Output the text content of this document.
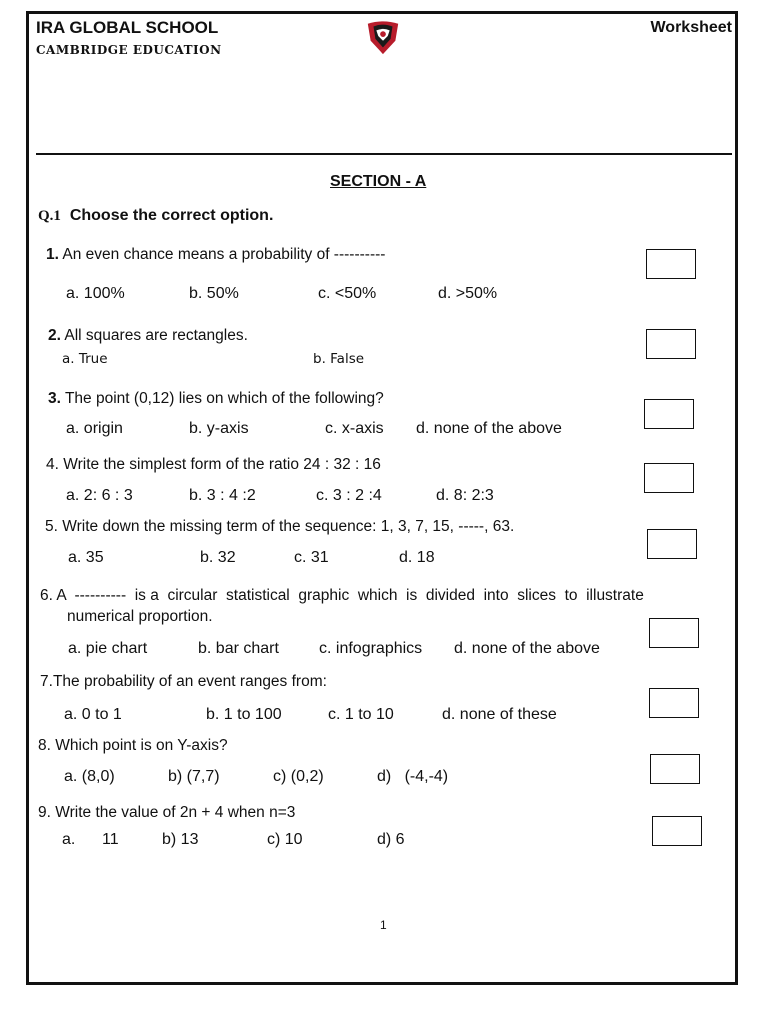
IRA GLOBAL SCHOOL
CAMBRIDGE EDUCATION
Worksheet
SECTION - A
Q.1 Choose the correct option.
1. An even chance means a probability of ----------
a. 100%	b. 50%	c. <50%	d. >50%
2. All squares are rectangles.
a. True	b. False
3. The point (0,12) lies on which of the following?
a. origin	b. y-axis	c. x-axis d. none of the above
4. Write the simplest form of the ratio 24 : 32 : 16
a. 2: 6 : 3	b. 3 : 4 :2	c. 3 : 2 :4	d. 8: 2:3
5. Write down the missing term of the sequence: 1, 3, 7, 15, -----, 63.
a. 35	b. 32	c. 31	d. 18
6. A  ----------  is a  circular  statistical  graphic  which  is  divided  into  slices  to  illustrate
numerical proportion.
a. pie chart	b. bar chart	c. infographics d. none of the above
7.The probability of an event ranges from:
a. 0 to 1	b. 1 to 100	c. 1 to 10	d. none of these
8. Which point is on Y-axis?
a. (8,0)	b) (7,7)	c) (0,2)	d)   (-4,-4)
9. Write the value of 2n + 4 when n=3
a.      11	b) 13	c) 10	d) 6
1
